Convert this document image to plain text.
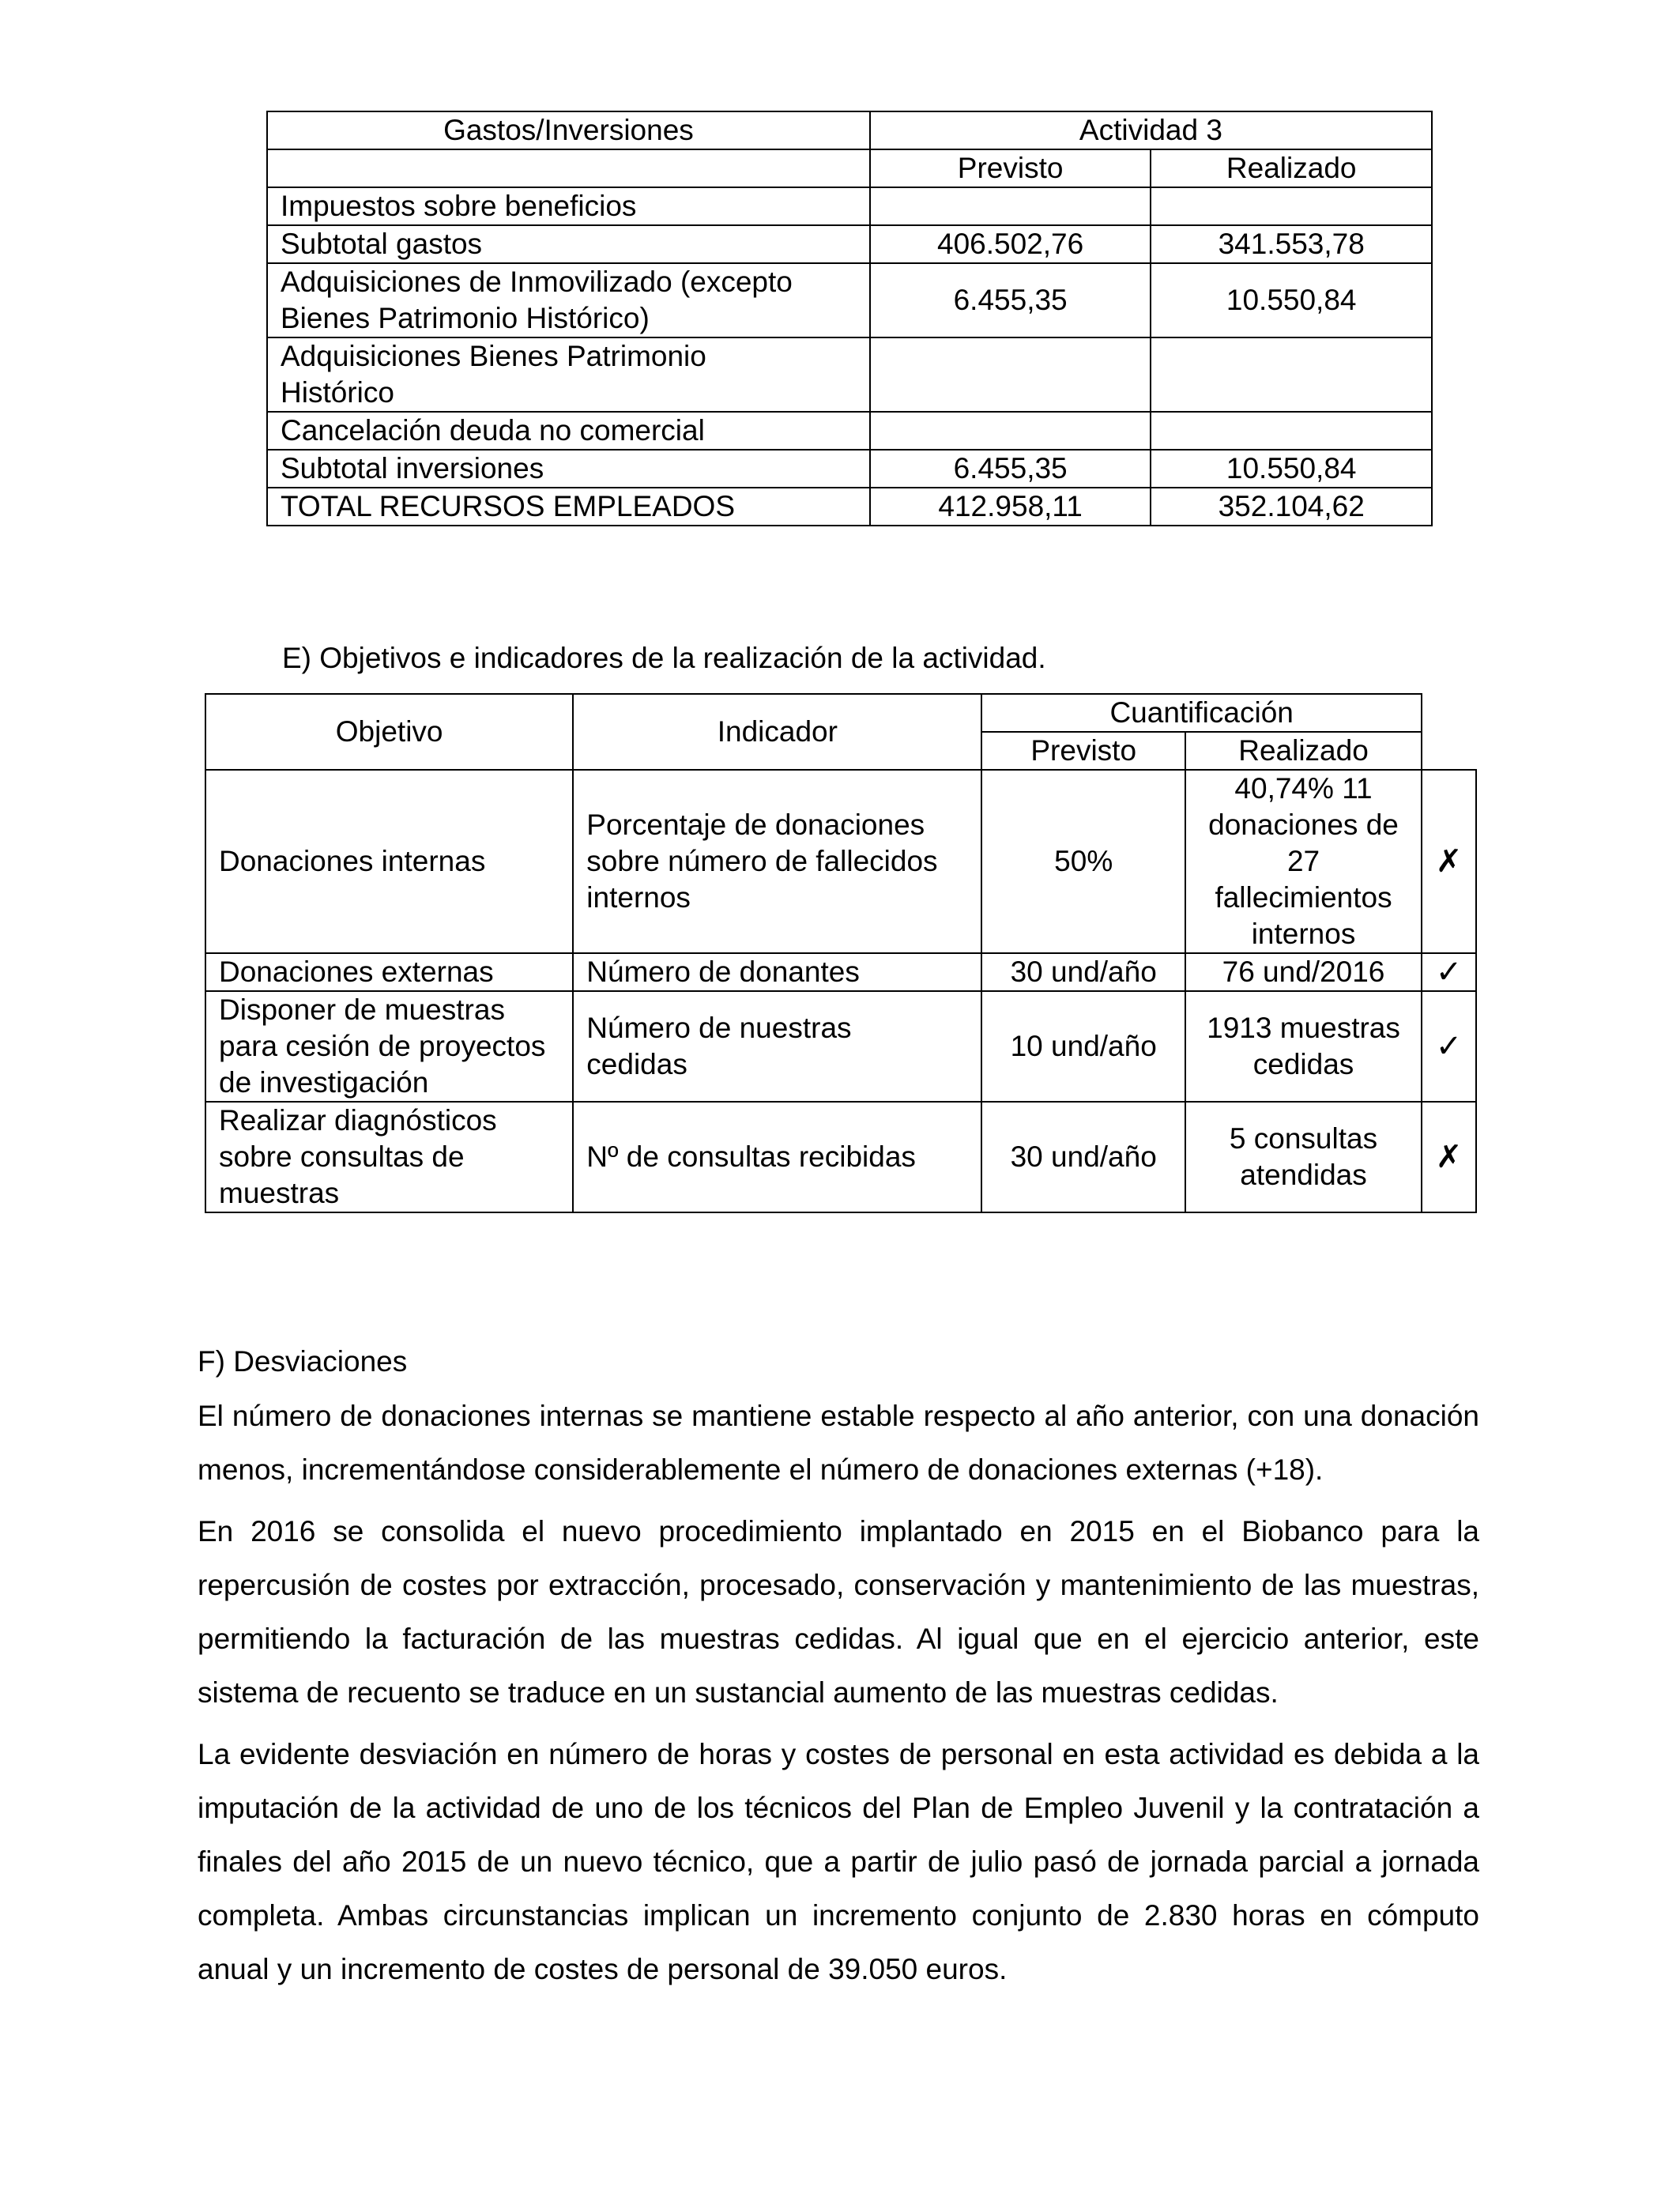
Gastos/Inversiones	Actividad 3	
	Previsto	Realizado
Impuestos sobre beneficios		
Subtotal gastos	406.502,76	341.553,78
Adquisiciones de Inmovilizado (excepto Bienes Patrimonio Histórico)	6.455,35	10.550,84
Adquisiciones Bienes Patrimonio Histórico		
Cancelación deuda no comercial		
Subtotal inversiones	6.455,35	10.550,84
TOTAL RECURSOS EMPLEADOS	412.958,11	352.104,62

E) Objetivos e indicadores de la realización de la actividad.

Objetivo	Indicador	Cuantificación		
		Previsto	Realizado	
Donaciones internas	Porcentaje de donaciones sobre número de fallecidos internos	50%	40,74% 11 donaciones de 27 fallecimientos internos	✗
Donaciones externas	Número de donantes	30 und/año	76 und/2016	✓
Disponer de muestras para cesión de proyectos de investigación	Número de nuestras cedidas	10 und/año	1913 muestras cedidas	✓
Realizar diagnósticos sobre consultas de muestras	Nº de consultas recibidas	30 und/año	5 consultas atendidas	✗
F) Desviaciones

El número de donaciones internas se mantiene estable respecto al año anterior, con una donación menos, incrementándose considerablemente el número de donaciones externas (+18).

En 2016 se consolida el nuevo procedimiento implantado en 2015 en el Biobanco para la repercusión de costes por extracción, procesado, conservación y mantenimiento de las muestras, permitiendo la facturación de las muestras cedidas. Al igual que en el ejercicio anterior, este sistema de recuento se traduce en un sustancial aumento de las muestras cedidas.

La evidente desviación en número de horas y costes de personal en esta actividad es debida a la imputación de la actividad de uno de los técnicos del Plan de Empleo Juvenil y la contratación a finales del año 2015 de un nuevo técnico, que a partir de julio pasó de jornada parcial a jornada completa. Ambas circunstancias implican un incremento conjunto de 2.830 horas en cómputo anual y un incremento de costes de personal de 39.050 euros.
